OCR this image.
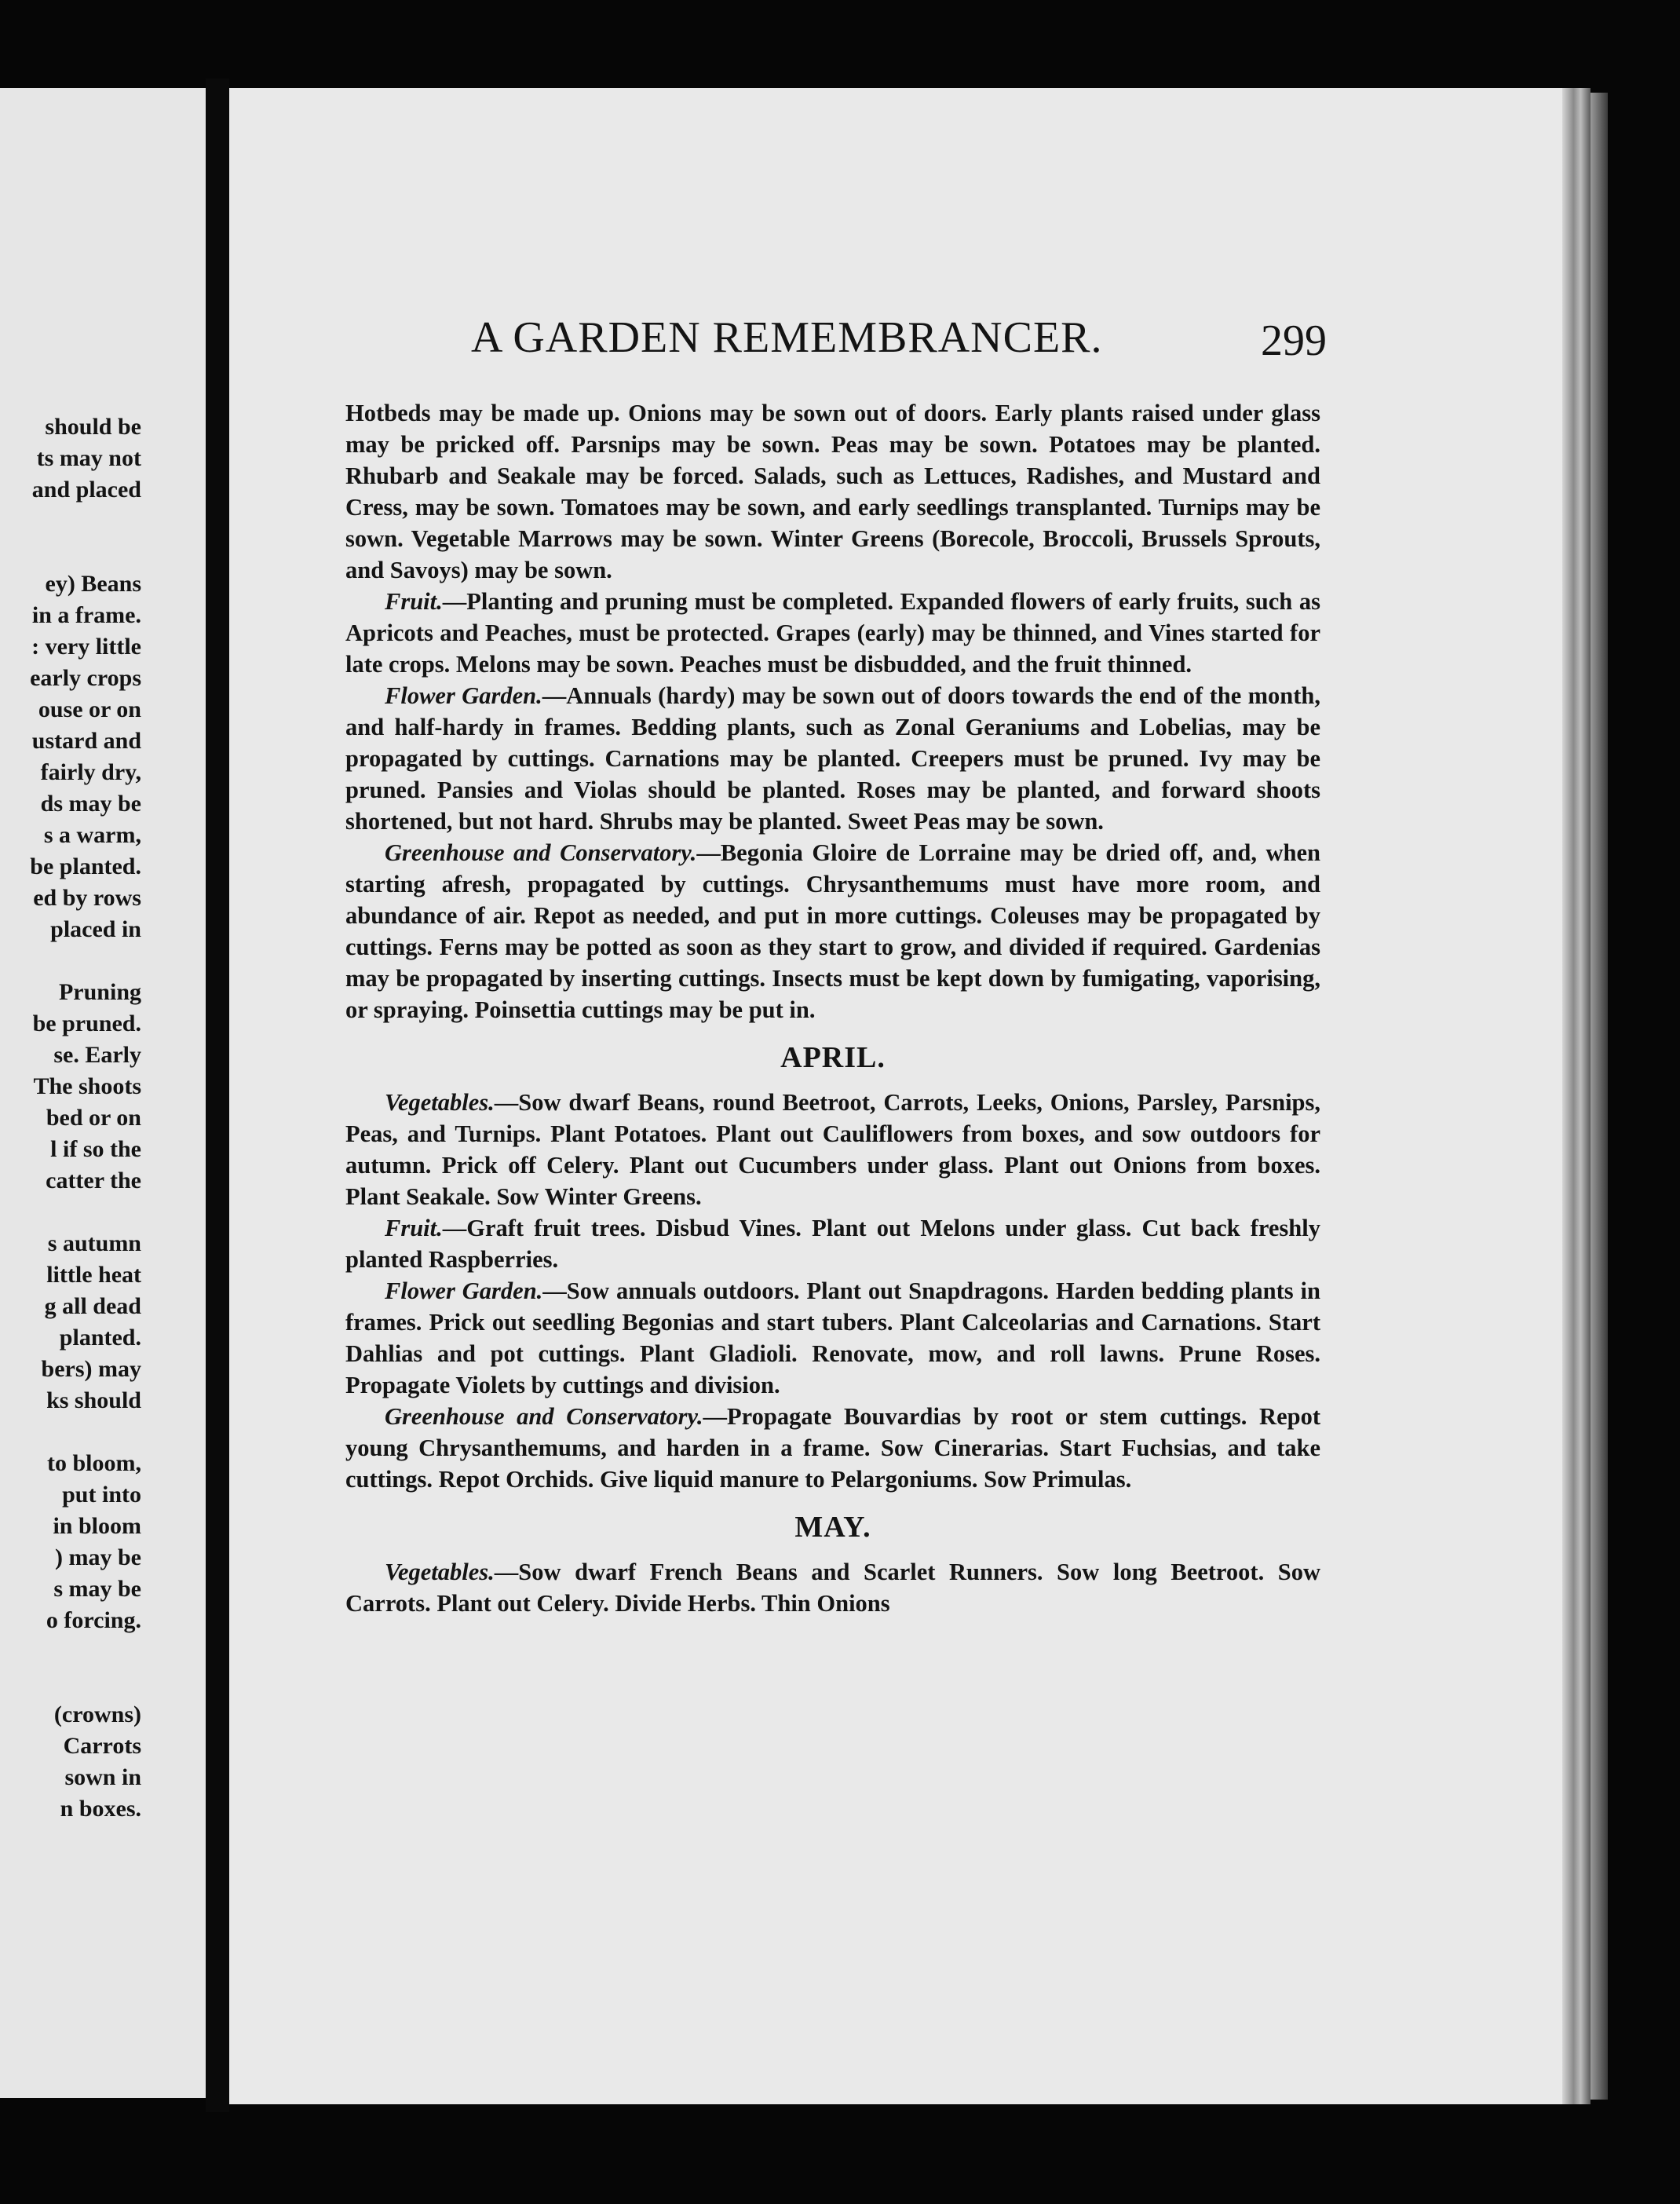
should be
ts may not
and placed
ey) Beans
in a frame.
: very little
early crops
ouse or on
ustard and
fairly dry,
ds may be
s a warm,
be planted.
ed by rows
placed in
Pruning
be pruned.
se. Early
The shoots
bed or on
l if so the
catter the
s autumn
little heat
g all dead
planted.
bers) may
ks should
to bloom,
put into
in bloom
) may be
s may be
o forcing.
(crowns)
Carrots
sown in
n boxes.
A GARDEN REMEMBRANCER.	299

Hotbeds may be made up. Onions may be sown out of doors. Early plants raised under glass may be pricked off. Parsnips may be sown. Peas may be sown. Potatoes may be planted. Rhubarb and Seakale may be forced. Salads, such as Lettuces, Radishes, and Mustard and Cress, may be sown. Tomatoes may be sown, and early seedlings transplanted. Turnips may be sown. Vegetable Marrows may be sown. Winter Greens (Borecole, Broccoli, Brussels Sprouts, and Savoys) may be sown.

Fruit.—Planting and pruning must be completed. Expanded flowers of early fruits, such as Apricots and Peaches, must be protected. Grapes (early) may be thinned, and Vines started for late crops. Melons may be sown. Peaches must be disbudded, and the fruit thinned.

Flower Garden.—Annuals (hardy) may be sown out of doors towards the end of the month, and half-hardy in frames. Bedding plants, such as Zonal Geraniums and Lobelias, may be propagated by cuttings. Carnations may be planted. Creepers must be pruned. Ivy may be pruned. Pansies and Violas should be planted. Roses may be planted, and forward shoots shortened, but not hard. Shrubs may be planted. Sweet Peas may be sown.

Greenhouse and Conservatory.—Begonia Gloire de Lorraine may be dried off, and, when starting afresh, propagated by cuttings. Chrysanthemums must have more room, and abundance of air. Repot as needed, and put in more cuttings. Coleuses may be propagated by cuttings. Ferns may be potted as soon as they start to grow, and divided if required. Gardenias may be propagated by inserting cuttings. Insects must be kept down by fumigating, vaporising, or spraying. Poinsettia cuttings may be put in.

APRIL.

Vegetables.—Sow dwarf Beans, round Beetroot, Carrots, Leeks, Onions, Parsley, Parsnips, Peas, and Turnips. Plant Potatoes. Plant out Cauliflowers from boxes, and sow outdoors for autumn. Prick off Celery. Plant out Cucumbers under glass. Plant out Onions from boxes. Plant Seakale. Sow Winter Greens.

Fruit.—Graft fruit trees. Disbud Vines. Plant out Melons under glass. Cut back freshly planted Raspberries.

Flower Garden.—Sow annuals outdoors. Plant out Snapdragons. Harden bedding plants in frames. Prick out seedling Begonias and start tubers. Plant Calceolarias and Carnations. Start Dahlias and pot cuttings. Plant Gladioli. Renovate, mow, and roll lawns. Prune Roses. Propagate Violets by cuttings and division.

Greenhouse and Conservatory.—Propagate Bouvardias by root or stem cuttings. Repot young Chrysanthemums, and harden in a frame. Sow Cinerarias. Start Fuchsias, and take cuttings. Repot Orchids. Give liquid manure to Pelargoniums. Sow Primulas.

MAY.

Vegetables.—Sow dwarf French Beans and Scarlet Runners. Sow long Beetroot. Sow Carrots. Plant out Celery. Divide Herbs. Thin Onions
